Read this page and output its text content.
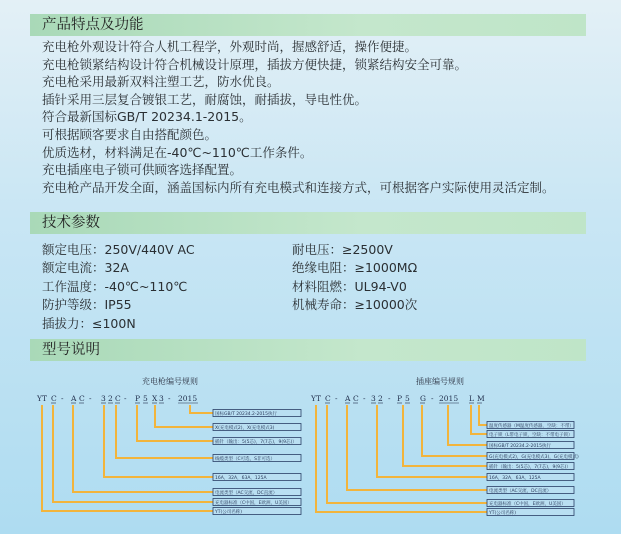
产品特点及功能
充电枪外观设计符合人机工程学，外观时尚，握感舒适，操作便捷。
充电枪锁紧结构设计符合机械设计原理，插拔方便快捷，锁紧结构安全可靠。
充电枪采用最新双料注塑工艺，防水优良。
插针采用三层复合镀银工艺，耐腐蚀，耐插拔，导电性优。
符合最新国标GB/T 20234.1-2015。
可根据顾客要求自由搭配颜色。
优质选材，材料满足在-40℃~110℃工作条件。
充电插座电子锁可供顾客选择配置。
充电枪产品开发全面，涵盖国标内所有充电模式和连接方式，可根据客户实际使用灵活定制。
技术参数
额定电压：250V/440V AC
额定电流：32A
工作温度：-40℃~110℃
防护等级：IP55
插拔力：≤100N
耐电压：≥2500V
绝缘电阻：≥1000MΩ
材料阻燃：UL94-V0
机械寿命：≥10000次
型号说明
充电枪编号规则
YT C - A C - 3 2 C - P 5 X 3 - 2015
国标GB/T 20234.2-2015执行
X(充电模式2)，X(充电模式3)
插针（输出：5(5芯)，7(7芯)，9(9芯)）
线缆类型（C可选，S非可选）
16A，32A，63A，125A
电流类型（AC交流，DC直流）
充电器标准（C中国，E欧洲，U美国）
YT(公司名称)
插座编号规则
YT C - A C - 3 2 - P 5 G - 2015 L M
温度传感器（M温度传感器，空缺：不带）
电子锁（L带电子锁，空缺：不带电子锁）
国标GB/T 20234.2-2015执行
G(充电模式2)，G(充电模式3)，G(充电模式)
插针（输出：5(5芯)，7(7芯)，9(9芯)）
16A，32A，63A，125A
电流类型（AC交流，DC直流）
充电器标准（C中国，E欧洲，U美国）
YT(公司名称)
